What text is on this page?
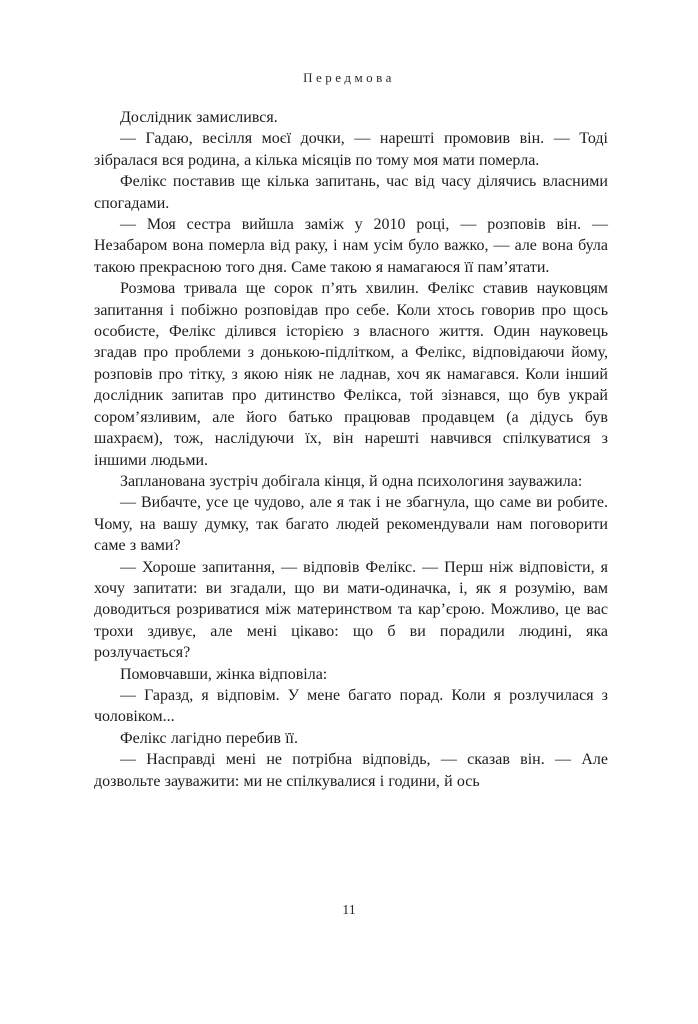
Передмова

Дослідник замислився.

— Гадаю, весілля моєї дочки, — нарешті промовив він. — Тоді зібралася вся родина, а кілька місяців по тому моя мати померла.

Фелікс поставив ще кілька запитань, час від часу ділячись власними спогадами.

— Моя сестра вийшла заміж у 2010 році, — розповів він. — Незабаром вона померла від раку, і нам усім було важко, — але вона була такою прекрасною того дня. Саме такою я намагаюся її пам’ятати.

Розмова тривала ще сорок п’ять хвилин. Фелікс ставив науковцям запитання і побіжно розповідав про себе. Коли хтось говорив про щось особисте, Фелікс ділився історією з власного життя. Один науковець згадав про проблеми з донькою-підлітком, а Фелікс, відповідаючи йому, розповів про тітку, з якою ніяк не ладнав, хоч як намагався. Коли інший дослідник запитав про дитинство Фелікса, той зізнався, що був украй сором’язливим, але його батько працював продавцем (а дідусь був шахраєм), тож, наслідуючи їх, він нарешті навчився спілкуватися з іншими людьми.

Запланована зустріч добігала кінця, й одна психологиня зауважила:

— Вибачте, усе це чудово, але я так і не збагнула, що саме ви робите. Чому, на вашу думку, так багато людей рекомендували нам поговорити саме з вами?

— Хороше запитання, — відповів Фелікс. — Перш ніж відповісти, я хочу запитати: ви згадали, що ви мати-одиначка, і, як я розумію, вам доводиться розриватися між материнством та кар’єрою. Можливо, це вас трохи здивує, але мені цікаво: що б ви порадили людині, яка розлучається?

Помовчавши, жінка відповіла:

— Гаразд, я відповім. У мене багато порад. Коли я розлучилася з чоловіком...

Фелікс лагідно перебив її.

— Насправді мені не потрібна відповідь, — сказав він. — Але дозвольте зауважити: ми не спілкувалися і години, й ось

11
